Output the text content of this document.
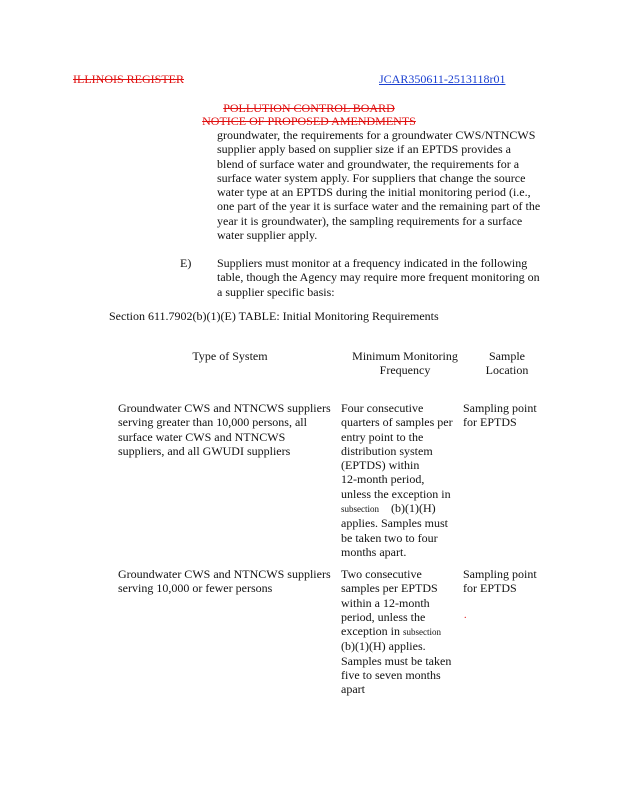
ILLINOIS REGISTER	JCAR350611-2513118r01
POLLUTION CONTROL BOARD
NOTICE OF PROPOSED AMENDMENTS
groundwater, the requirements for a groundwater CWS/NTNCWS
supplier apply based on supplier size if an EPTDS provides a
blend of surface water and groundwater, the requirements for a
surface water system apply. For suppliers that change the source
water type at an EPTDS during the initial monitoring period (i.e.,
one part of the year it is surface water and the remaining part of the
year it is groundwater), the sampling requirements for a surface
water supplier apply.
E) Suppliers must monitor at a frequency indicated in the following
table, though the Agency may require more frequent monitoring on
a supplier specific basis:
Section 611.7902(b)(1)(E) TABLE: Initial Monitoring Requirements
Type of System	Minimum Monitoring
Frequency
Sample
Location
Groundwater CWS and NTNCWS suppliers
serving greater than 10,000 persons, all
surface water CWS and NTNCWS
suppliers, and all GWUDI suppliers
Four consecutive
quarters of samples per
entry point to the
distribution system
(EPTDS) within
12-month period,
unless the exception in
subsection (b)(1)(H)
applies. Samples must
be taken two to four
months apart.
Sampling point
for EPTDS
Groundwater CWS and NTNCWS suppliers
serving 10,000 or fewer persons
Two consecutive
samples per EPTDS
within a 12-month
period, unless the
exception in subsection
(b)(1)(H) applies.
Samples must be taken
five to seven months
apart
Sampling point
for EPTDS
.
